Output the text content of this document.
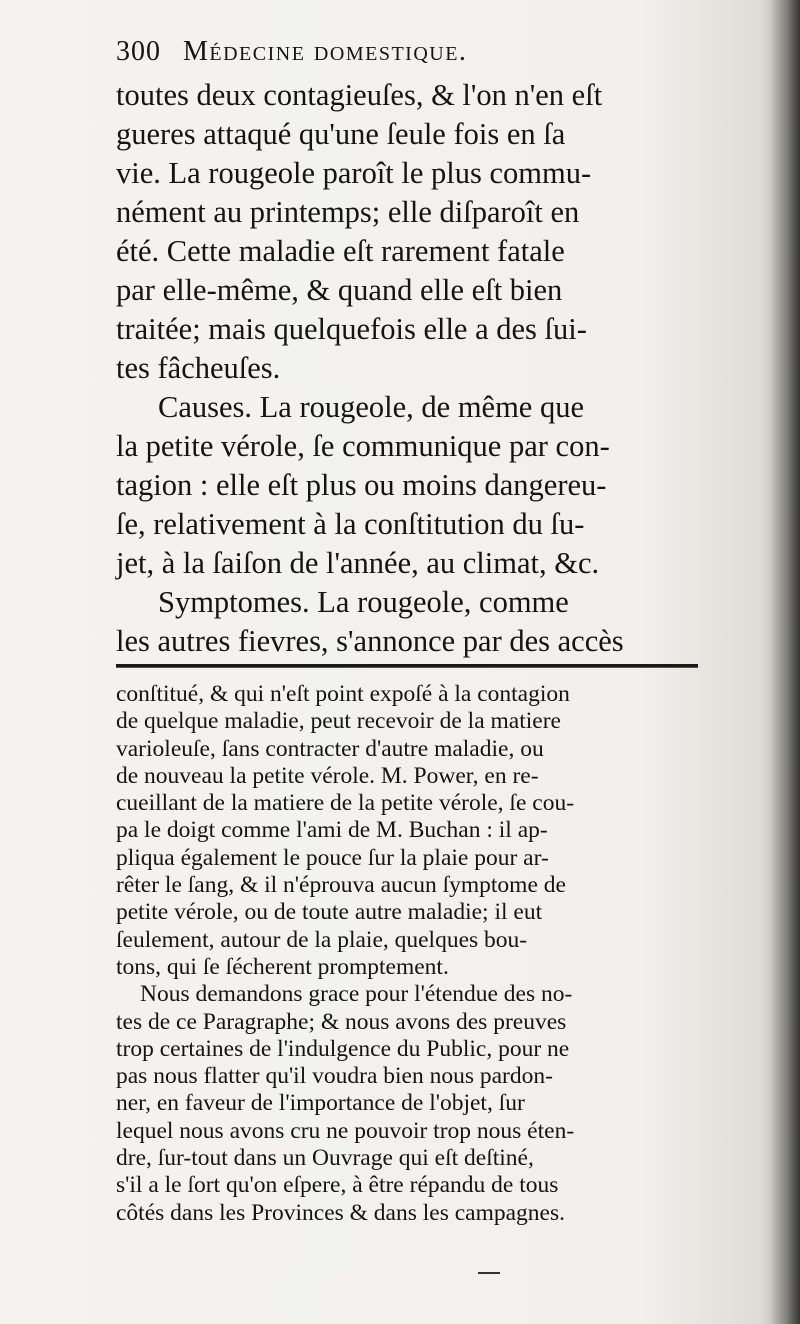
300 Médecine domestique.
toutes deux contagieuſes, & l'on n'en eſt
gueres attaqué qu'une ſeule fois en ſa
vie. La rougeole paroît le plus commu-
nément au printemps; elle diſparoît en
été. Cette maladie eſt rarement fatale
par elle-même, & quand elle eſt bien
traitée; mais quelquefois elle a des ſui-
tes fâcheuſes.
Causes. La rougeole, de même que
la petite vérole, ſe communique par con-
tagion : elle eſt plus ou moins dangereu-
ſe, relativement à la conſtitution du ſu-
jet, à la ſaiſon de l'année, au climat, &c.
Symptomes. La rougeole, comme
les autres fievres, s'annonce par des accès
conſtitué, & qui n'eſt point expoſé à la contagion
de quelque maladie, peut recevoir de la matiere
varioleuſe, ſans contracter d'autre maladie, ou
de nouveau la petite vérole. M. Power, en re-
cueillant de la matiere de la petite vérole, ſe cou-
pa le doigt comme l'ami de M. Buchan : il ap-
pliqua également le pouce ſur la plaie pour ar-
rêter le ſang, & il n'éprouva aucun ſymptome de
petite vérole, ou de toute autre maladie; il eut
ſeulement, autour de la plaie, quelques bou-
tons, qui ſe ſécherent promptement.
Nous demandons grace pour l'étendue des no-
tes de ce Paragraphe; & nous avons des preuves
trop certaines de l'indulgence du Public, pour ne
pas nous flatter qu'il voudra bien nous pardon-
ner, en faveur de l'importance de l'objet, ſur
lequel nous avons cru ne pouvoir trop nous éten-
dre, ſur-tout dans un Ouvrage qui eſt deſtiné,
s'il a le ſort qu'on eſpere, à être répandu de tous
côtés dans les Provinces & dans les campagnes.
